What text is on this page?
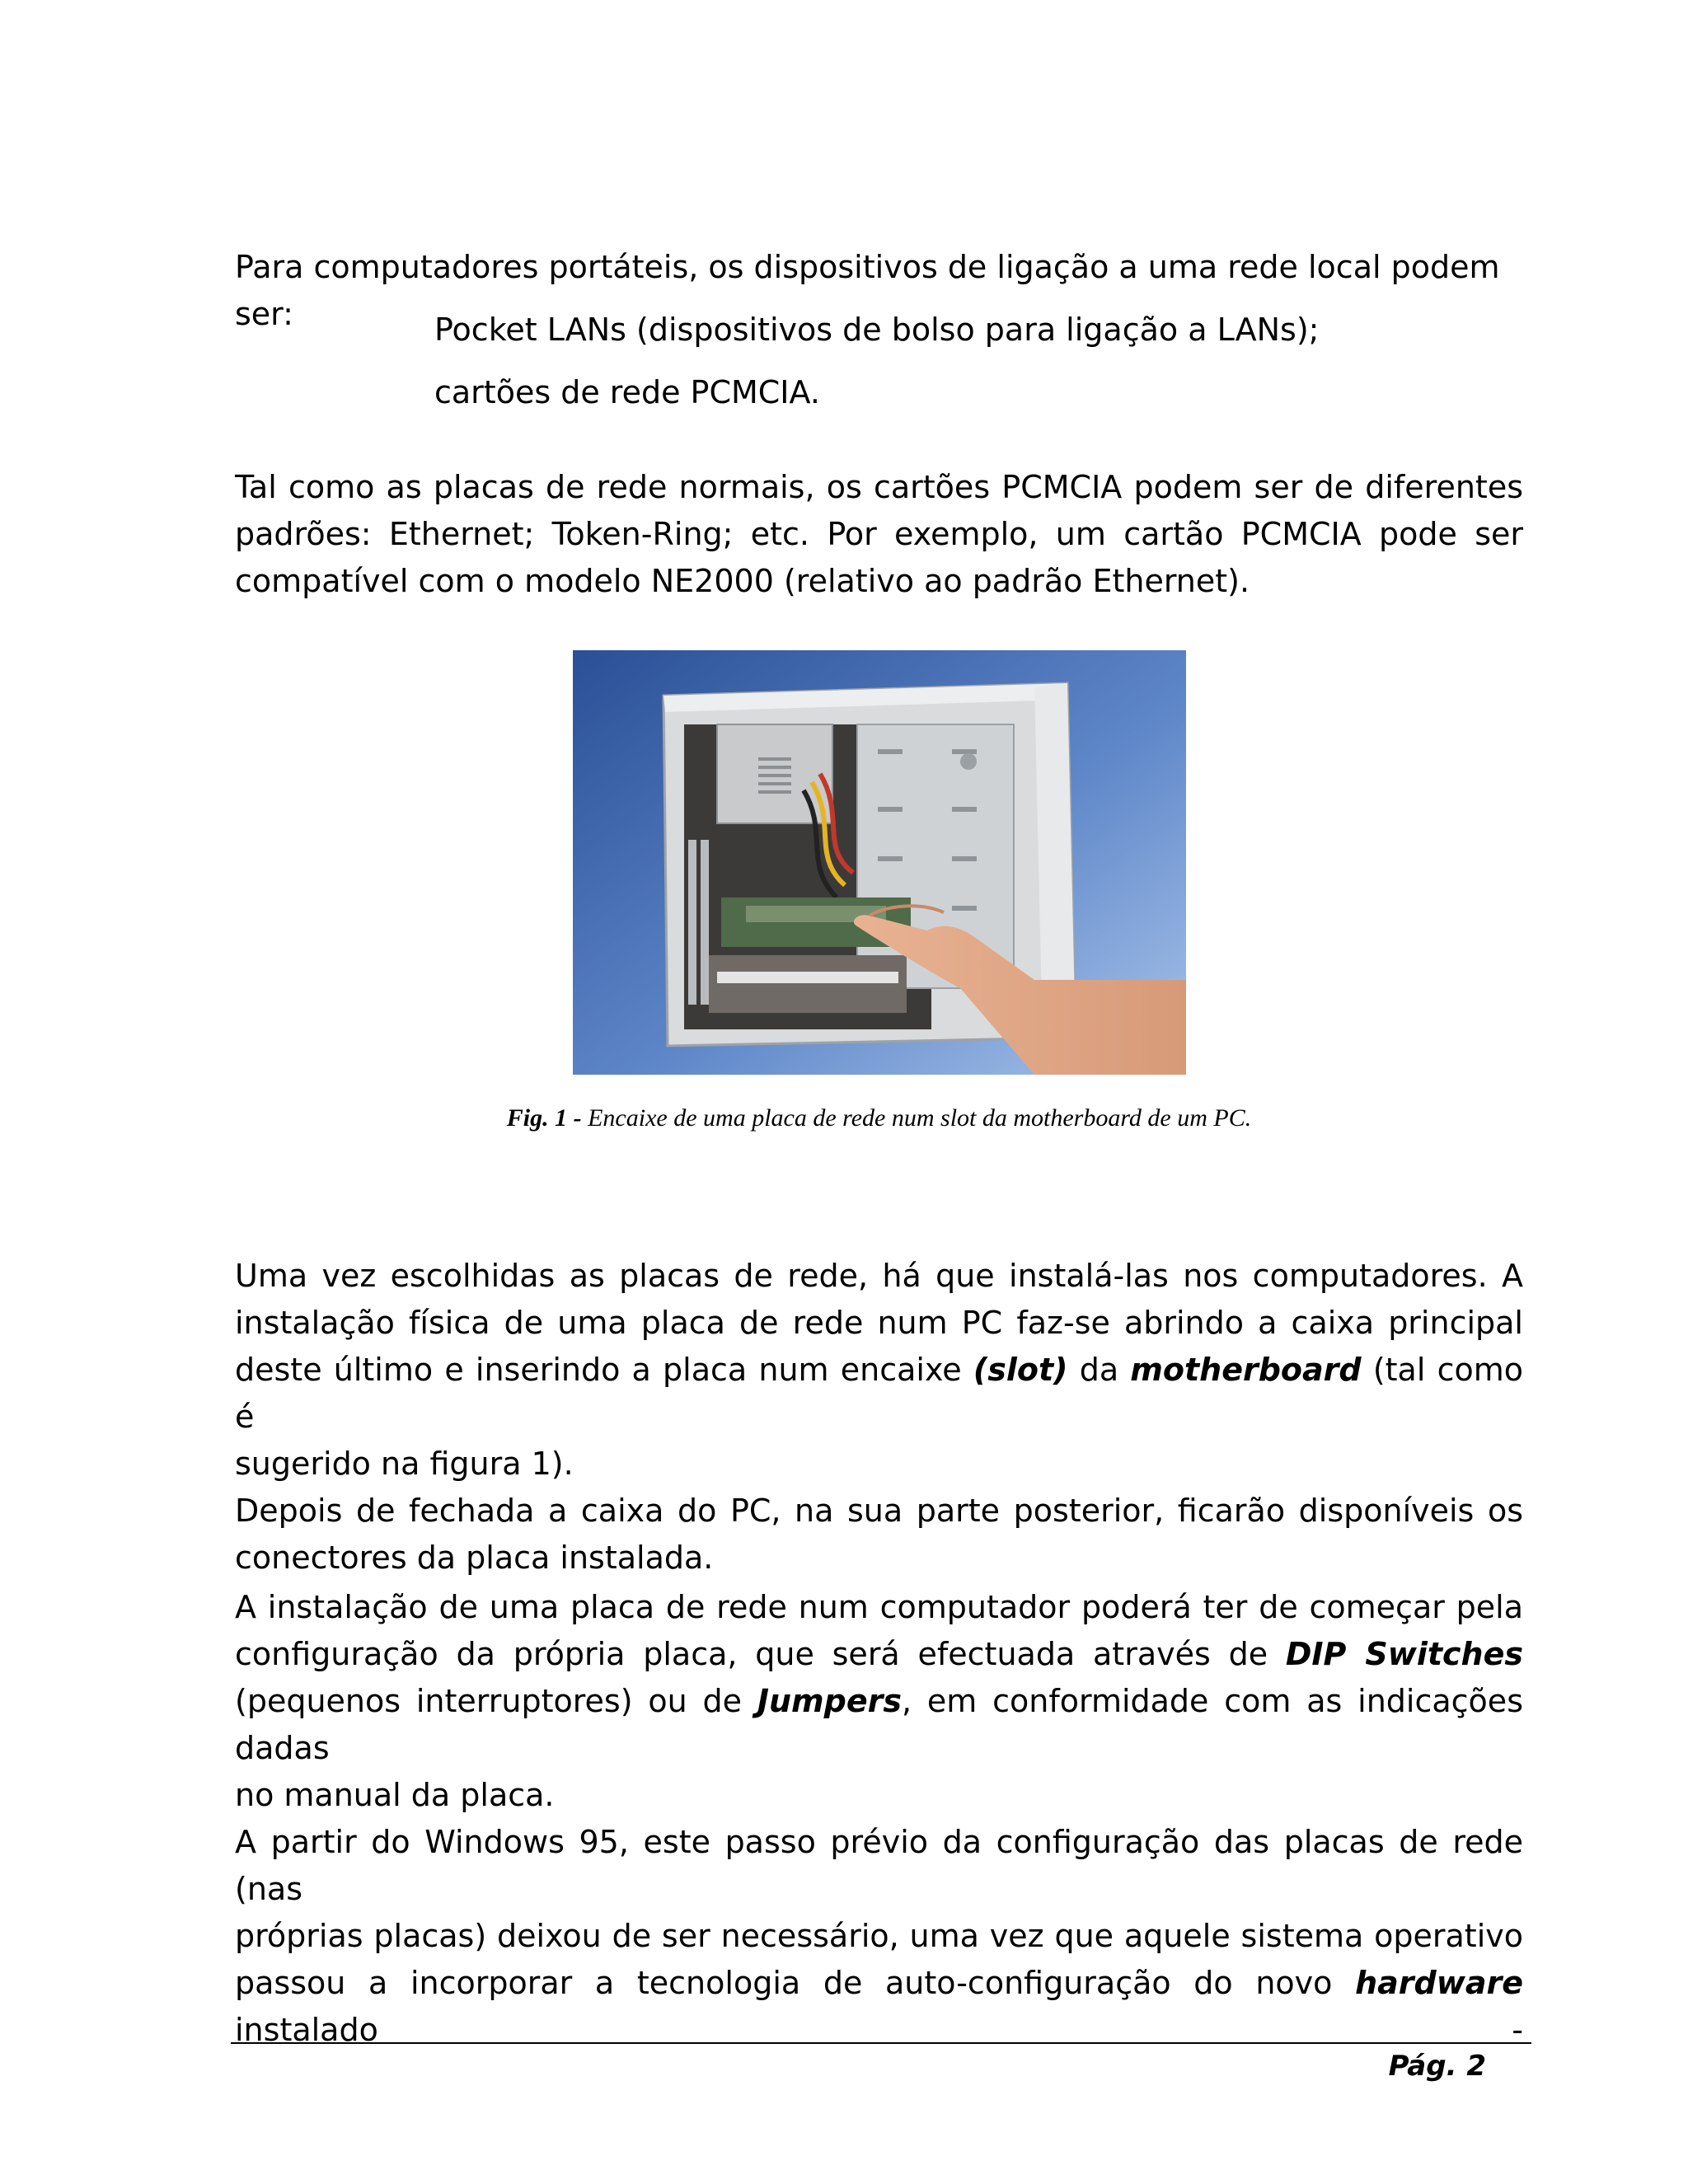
Para computadores portáteis, os dispositivos de ligação a uma rede local podem ser:	Pocket LANs (dispositivos de bolso para ligação a LANs);

cartões de rede PCMCIA.

Tal como as placas de rede normais, os cartões PCMCIA podem ser de diferentes
padrões: Ethernet; Token-Ring; etc. Por exemplo, um cartão PCMCIA pode ser
compatível com o modelo NE2000 (relativo ao padrão Ethernet).
Fig. 1 - Encaixe de uma placa de rede num slot da motherboard de um PC.
Uma vez escolhidas as placas de rede, há que instalá-las nos computadores. A
instalação física de uma placa de rede num PC faz-se abrindo a caixa principal
deste último e inserindo a placa num encaixe (slot) da motherboard (tal como é
sugerido na figura 1).
Depois de fechada a caixa do PC, na sua parte posterior, ficarão disponíveis os
conectores da placa instalada.
A instalação de uma placa de rede num computador poderá ter de começar pela
configuração da própria placa, que será efectuada através de DIP Switches
(pequenos interruptores) ou de Jumpers, em conformidade com as indicações dadas
no manual da placa.
A partir do Windows 95, este passo prévio da configuração das placas de rede (nas
próprias placas) deixou de ser necessário, uma vez que aquele sistema operativo
passou a incorporar a tecnologia de auto-configuração do novo hardware instalado -
Pág. 2
